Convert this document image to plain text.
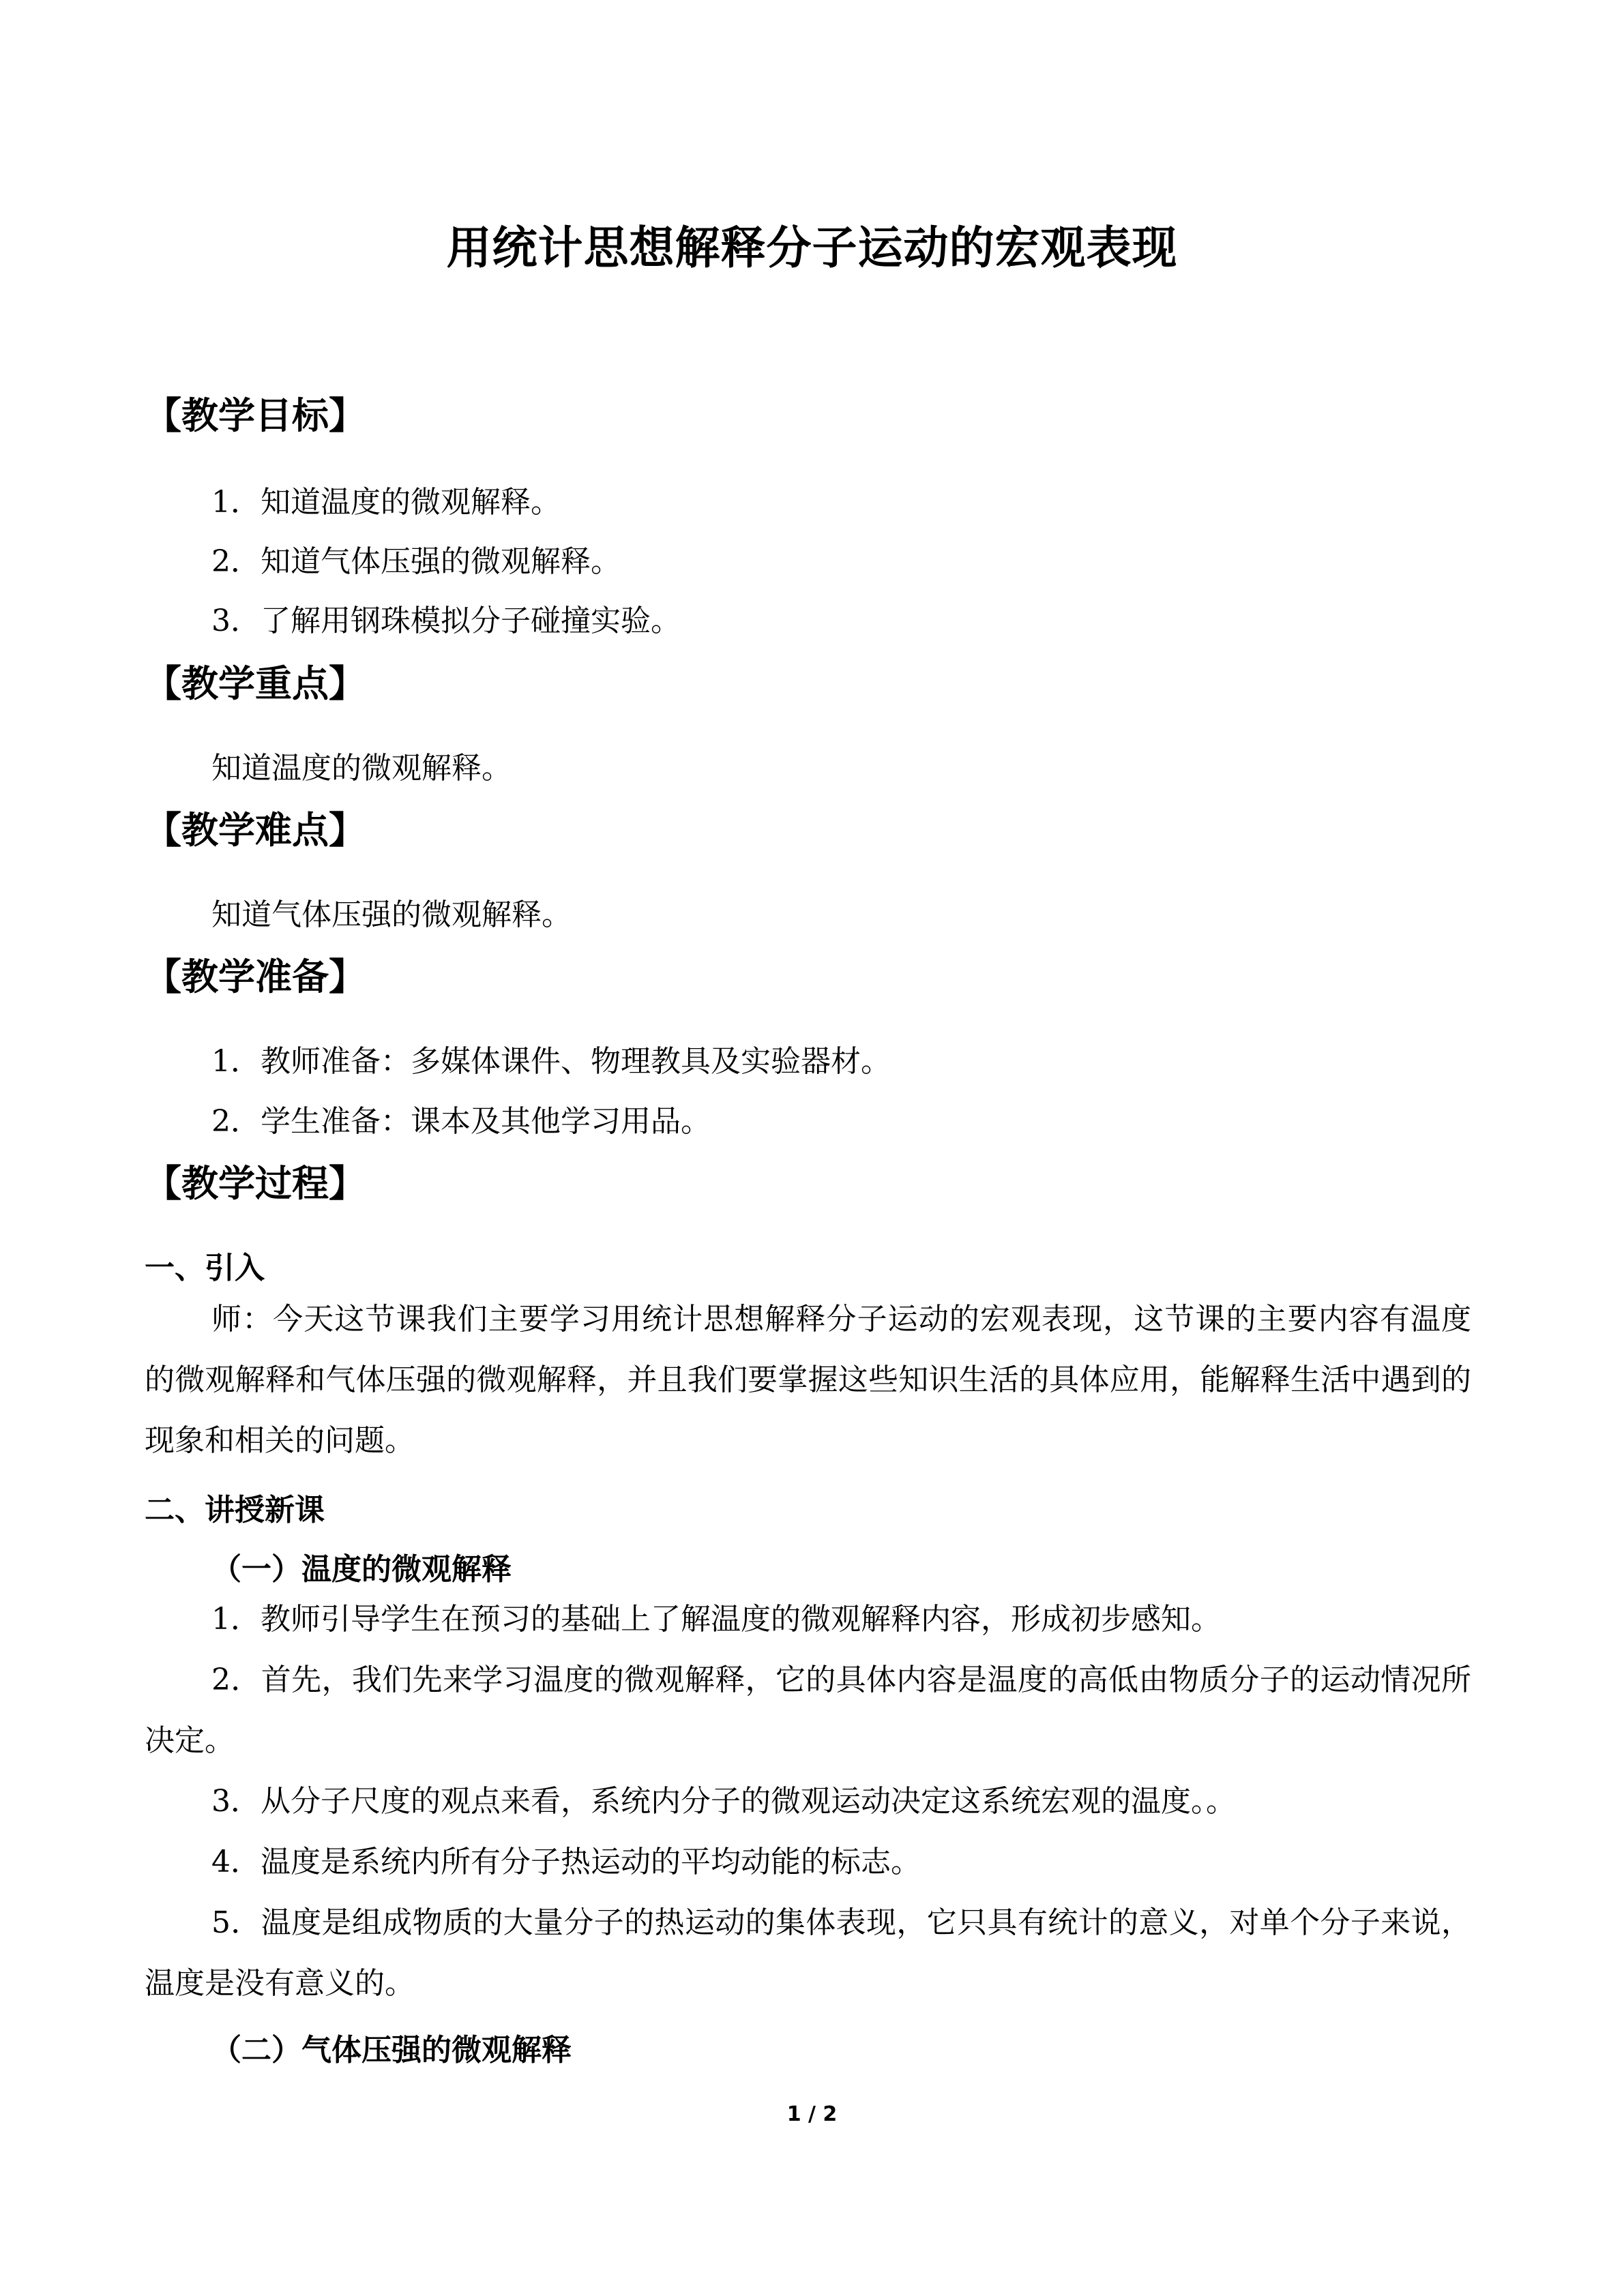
用统计思想解释分子运动的宏观表现
【教学目标】
1．知道温度的微观解释。
2．知道气体压强的微观解释。
3．了解用钢珠模拟分子碰撞实验。
【教学重点】
知道温度的微观解释。
【教学难点】
知道气体压强的微观解释。
【教学准备】
1．教师准备：多媒体课件、物理教具及实验器材。
2．学生准备：课本及其他学习用品。
【教学过程】
一、引入
师：今天这节课我们主要学习用统计思想解释分子运动的宏观表现，这节课的主要内容有温度的微观解释和气体压强的微观解释，并且我们要掌握这些知识生活的具体应用，能解释生活中遇到的现象和相关的问题。
二、讲授新课
（一）温度的微观解释
1．教师引导学生在预习的基础上了解温度的微观解释内容，形成初步感知。
2．首先，我们先来学习温度的微观解释，它的具体内容是温度的高低由物质分子的运动情况所决定。
3．从分子尺度的观点来看，系统内分子的微观运动决定这系统宏观的温度。。
4．温度是系统内所有分子热运动的平均动能的标志。
5．温度是组成物质的大量分子的热运动的集体表现，它只具有统计的意义，对单个分子来说，温度是没有意义的。
（二）气体压强的微观解释
1 / 2
